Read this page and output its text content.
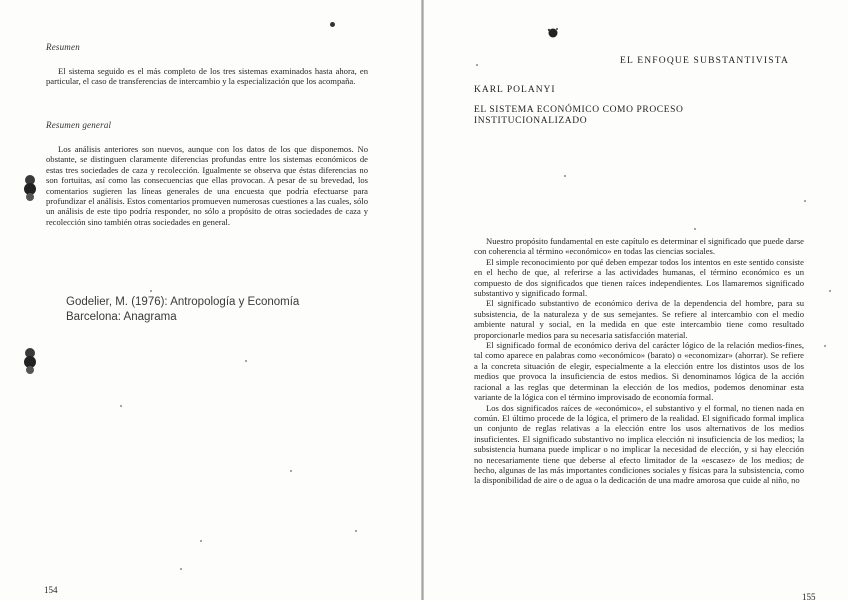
Resumen

El sistema seguido es el más completo de los tres sistemas examinados hasta ahora, en particular, el caso de transferencias de intercambio y la especialización que los acompaña.

Resumen general

Los análisis anteriores son nuevos, aunque con los datos de los que disponemos. No obstante, se distinguen claramente diferencias profundas entre los sistemas económicos de estas tres sociedades de caza y recolección. Igualmente se observa que éstas diferencias no son fortuitas, así como las consecuencias que ellas provocan. A pesar de su brevedad, los comentarios sugieren las líneas generales de una encuesta que podría efectuarse para profundizar el análisis. Estos comentarios promueven numerosas cuestiones a las cuales, sólo un análisis de este tipo podría responder, no sólo a propósito de otras sociedades de caza y recolección sino también otras sociedades en general.

Godelier, M. (1976): Antropología y Economía
Barcelona: Anagrama
154
EL ENFOQUE SUBSTANTIVISTA
KARL POLANYI
EL SISTEMA ECONÓMICO COMO PROCESO
INSTITUCIONALIZADO

Nuestro propósito fundamental en este capítulo es determinar el significado que puede darse con coherencia al término «económico» en todas las ciencias sociales.

El simple reconocimiento por qué deben empezar todos los intentos en este sentido consiste en el hecho de que, al referirse a las actividades humanas, el término económico es un compuesto de dos significados que tienen raíces independientes. Los llamaremos significado substantivo y significado formal.

El significado substantivo de económico deriva de la dependencia del hombre, para su subsistencia, de la naturaleza y de sus semejantes. Se refiere al intercambio con el medio ambiente natural y social, en la medida en que este intercambio tiene como resultado proporcionarle medios para su necesaria satisfacción material.

El significado formal de económico deriva del carácter lógico de la relación medios-fines, tal como aparece en palabras como «económico» (barato) o «economizar» (ahorrar). Se refiere a la concreta situación de elegir, especialmente a la elección entre los distintos usos de los medios que provoca la insuficiencia de estos medios. Si denominamos lógica de la acción racional a las reglas que determinan la elección de los medios, podemos denominar esta variante de la lógica con el término improvisado de economía formal.

Los dos significados raíces de «económico», el substantivo y el formal, no tienen nada en común. El último procede de la lógica, el primero de la realidad. El significado formal implica un conjunto de reglas relativas a la elección entre los usos alternativos de los medios insuficientes. El significado substantivo no implica elección ni insuficiencia de los medios; la subsistencia humana puede implicar o no implicar la necesidad de elección, y si hay elección no necesariamente tiene que deberse al efecto limitador de la «escasez» de los medios; de hecho, algunas de las más importantes condiciones sociales y físicas para la subsistencia, como la disponibilidad de aire o de agua o la dedicación de una madre amorosa que cuide al niño, no

155
